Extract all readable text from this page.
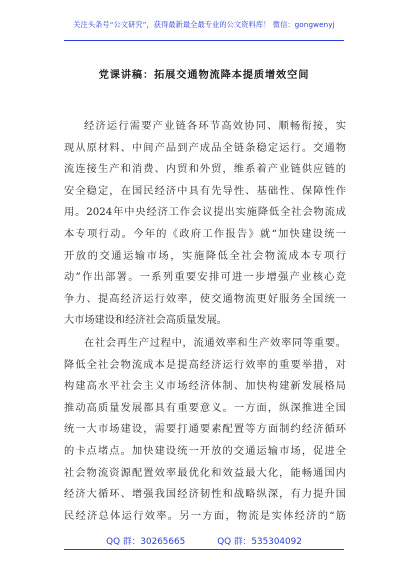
关注头条号“公文研究”，获得最新最全最专业的公文资料库！ 微信：gongwenyj
党课讲稿：拓展交通物流降本提质增效空间
经济运行需要产业链各环节高效协同、顺畅衔接，实
现从原材料、中间产品到产成品全链条稳定运行。交通物
流连接生产和消费、内贸和外贸，维系着产业链供应链的
安全稳定，在国民经济中具有先导性、基础性、保障性作
用。2024年中央经济工作会议提出实施降低全社会物流成
本专项行动。今年的《政府工作报告》就“加快建设统一
开放的交通运输市场，实施降低全社会物流成本专项行
动”作出部署。一系列重要安排可进一步增强产业核心竞
争力、提高经济运行效率，使交通物流更好服务全国统一
大市场建设和经济社会高质量发展。
在社会再生产过程中，流通效率和生产效率同等重要。
降低全社会物流成本是提高经济运行效率的重要举措，对
构建高水平社会主义市场经济体制、加快构建新发展格局
推动高质量发展都具有重要意义。一方面，纵深推进全国
统一大市场建设，需要打通要素配置等方面制约经济循环
的卡点堵点。加快建设统一开放的交通运输市场，促进全
社会物流资源配置效率最优化和效益最大化，能畅通国内
经济大循环、增强我国经济韧性和战略纵深，有力提升国
民经济总体运行效率。另一方面，物流是实体经济的“筋
QQ 群：30265665	QQ 群：535304092
